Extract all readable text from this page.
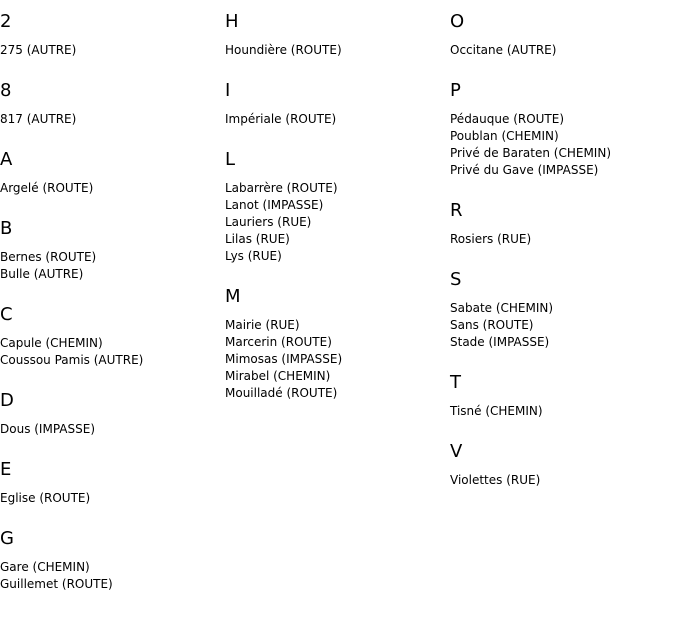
2
275 (AUTRE)
8
817 (AUTRE)
A
Argelé (ROUTE)
B
Bernes (ROUTE)
Bulle (AUTRE)
C
Capule (CHEMIN)
Coussou Pamis (AUTRE)
D
Dous (IMPASSE)
E
Eglise (ROUTE)
G
Gare (CHEMIN)
Guillemet (ROUTE)
H
Houndière (ROUTE)
I
Impériale (ROUTE)
L
Labarrère (ROUTE)
Lanot (IMPASSE)
Lauriers (RUE)
Lilas (RUE)
Lys (RUE)
M
Mairie (RUE)
Marcerin (ROUTE)
Mimosas (IMPASSE)
Mirabel (CHEMIN)
Mouilladé (ROUTE)
O
Occitane (AUTRE)
P
Pédauque (ROUTE)
Poublan (CHEMIN)
Privé de Baraten (CHEMIN)
Privé du Gave (IMPASSE)
R
Rosiers (RUE)
S
Sabate (CHEMIN)
Sans (ROUTE)
Stade (IMPASSE)
T
Tisné (CHEMIN)
V
Violettes (RUE)
